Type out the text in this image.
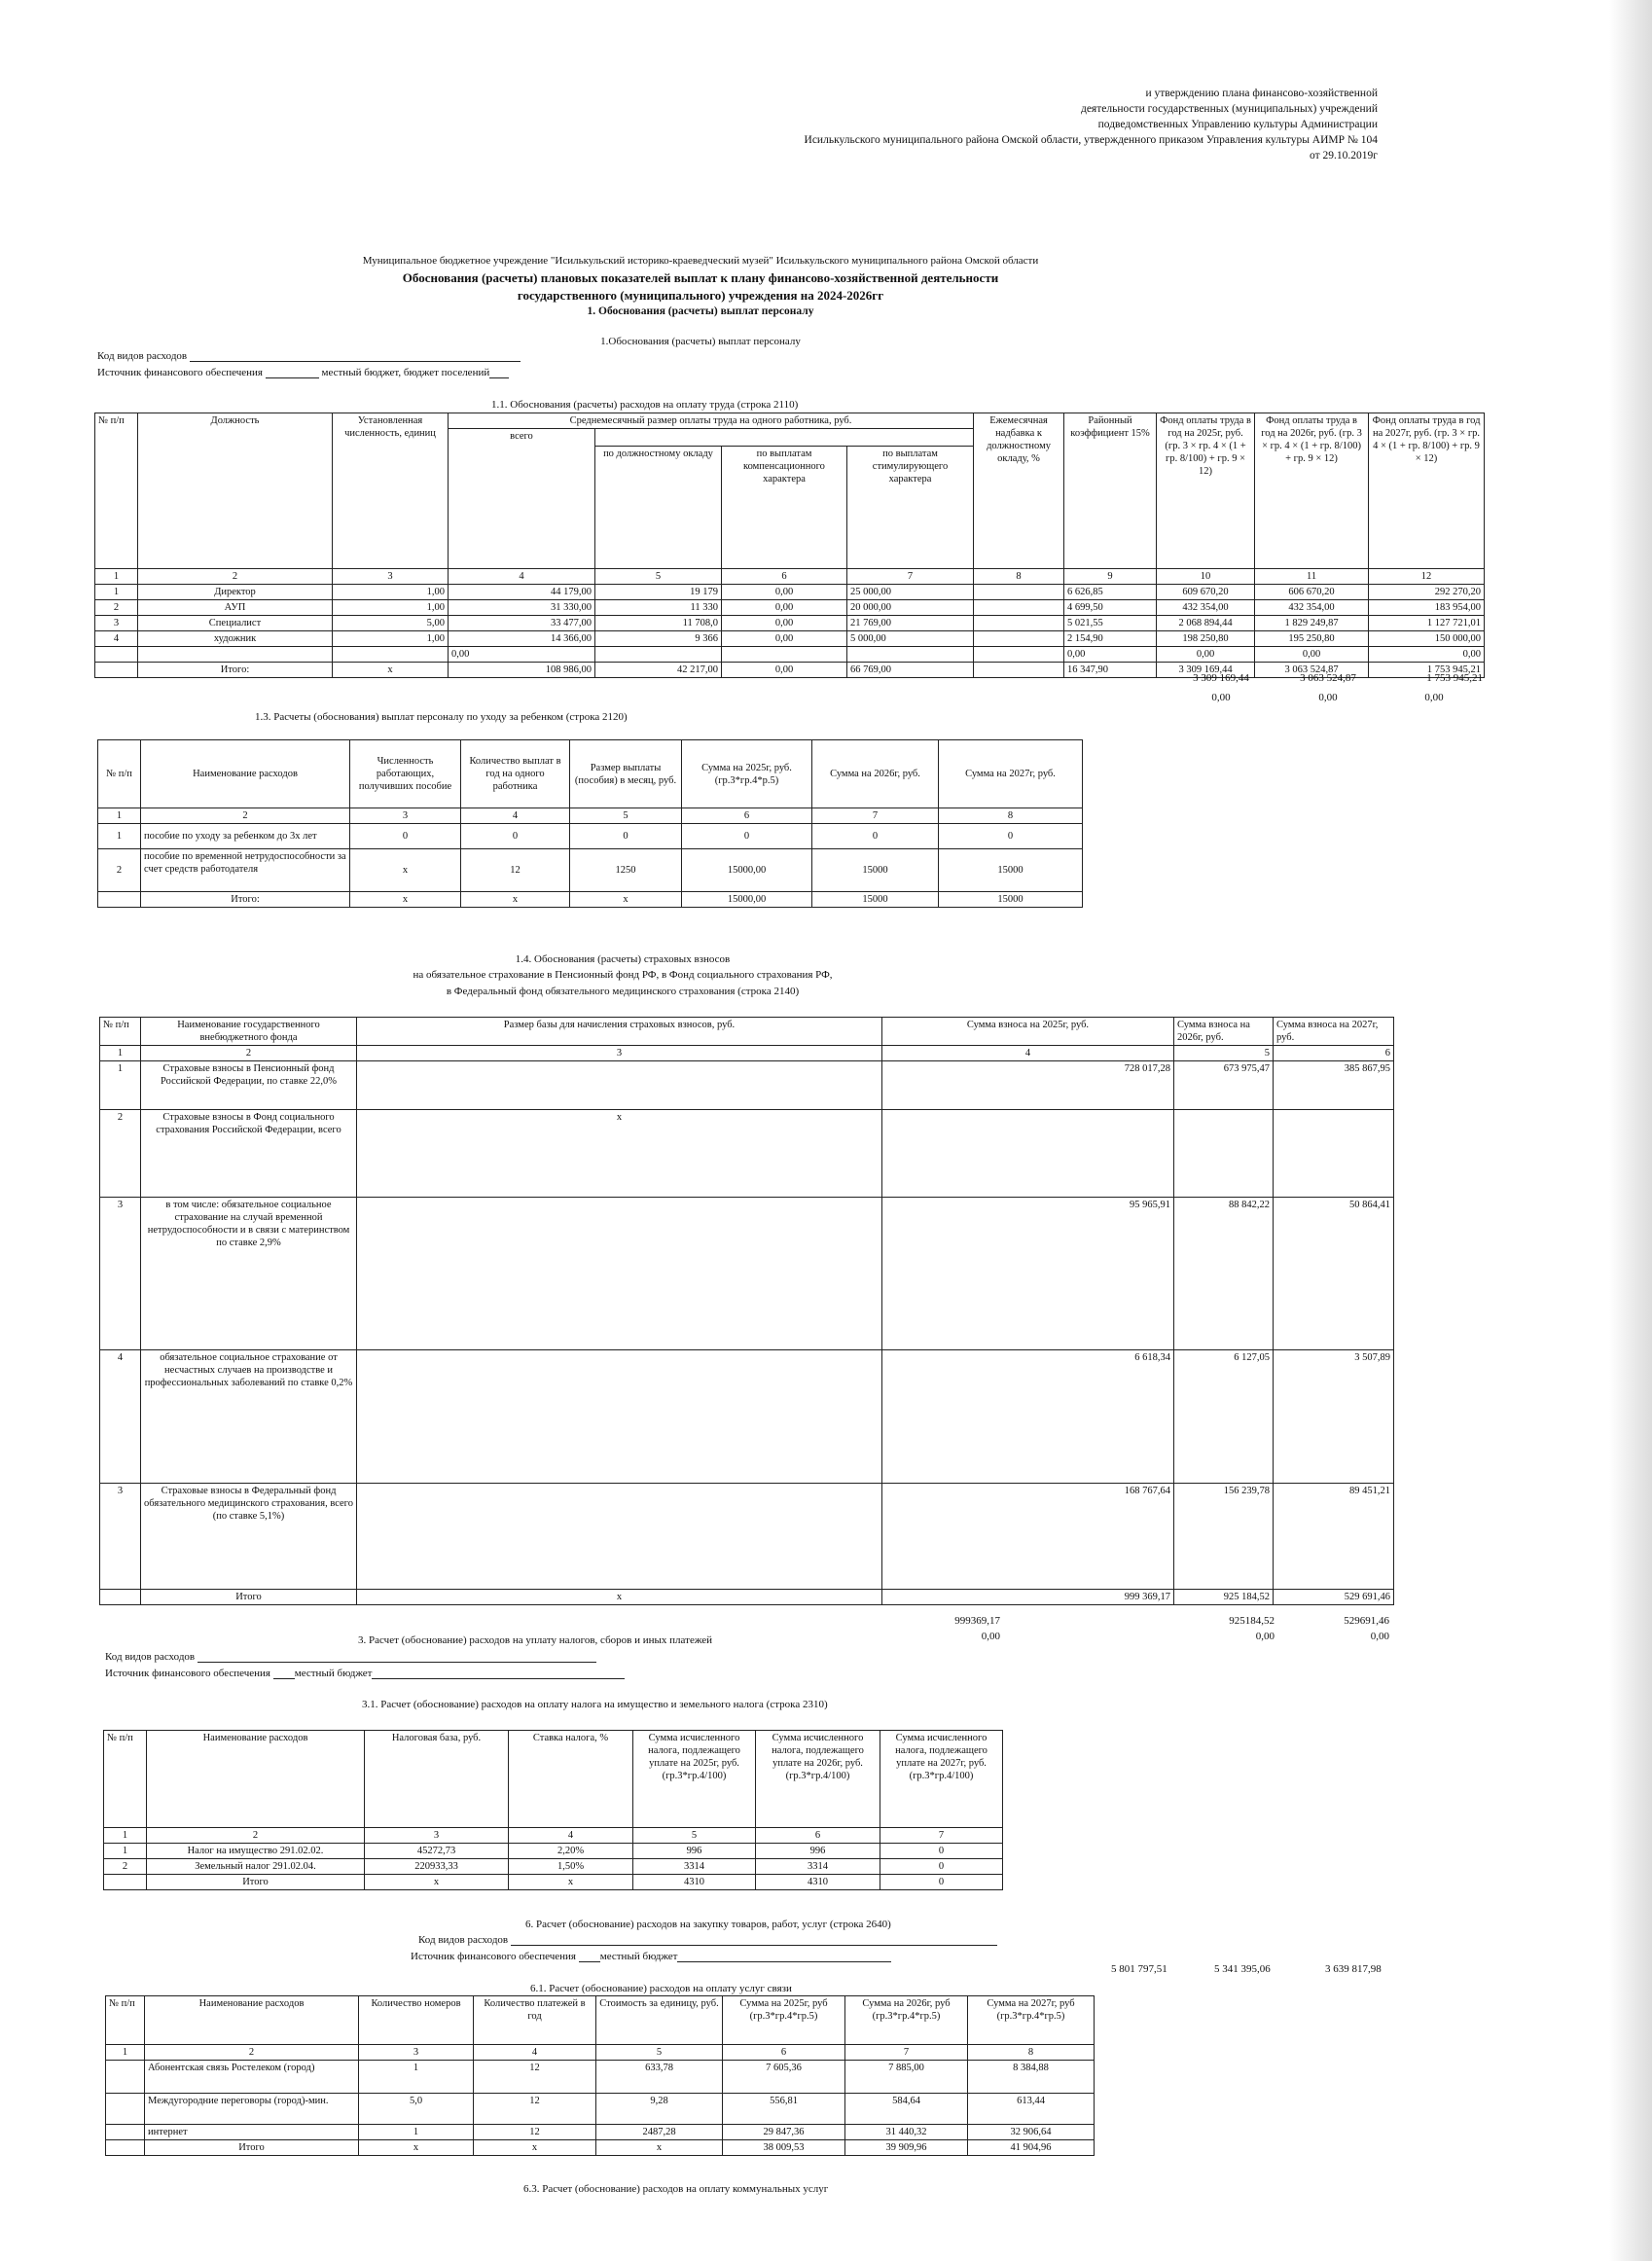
и утверждению плана финансово-хозяйственной
деятельности государственных (муниципальных) учреждений
подведомственных Управлению культуры Администрации
Исилькульского муниципального района Омской области, утвержденного приказом Управления культуры АИМР № 104
от 29.10.2019г
Муниципальное бюджетное учреждение "Исилькульский историко-краеведческий музей" Исилькульского муниципального района Омской области
Обоснования (расчеты) плановых показателей выплат к плану финансово-хозяйственной деятельности
государственного (муниципального) учреждения на 2024-2026гг
1. Обоснования (расчеты) выплат персоналу
1.Обоснования (расчеты) выплат персоналу
Код видов расходов
Источник финансового обеспечения	местный бюджет, бюджет поселений
1.1. Обоснования (расчеты) расходов на оплату труда (строка 2110)
№ п/п	Должность	Установленная численность, единиц	Среднемесячный размер оплаты труда на одного работника, руб.				Ежемесячная надбавка к должностному окладу, %	Районный коэффициент 15%	Фонд оплаты труда в год на 2025г, руб. (гр. 3 × гр. 4 × (1 + гр. 8/100) + гр. 9 × 12)	Фонд оплаты труда в год на 2026г, руб. (гр. 3 × гр. 4 × (1 + гр. 8/100) + гр. 9 × 12)	Фонд оплаты труда в год на 2027г, руб. (гр. 3 × гр. 4 × (1 + гр. 8/100) + гр. 9 × 12)
			всего								
				по должностному окладу	по выплатам компенсационного характера	по выплатам стимулирующего характера					
1	2	3	4	5	6	7	8	9	10	11	12
1	Директор	1,00	44 179,00	19 179	0,00	25 000,00		6 626,85	609 670,20	606 670,20	292 270,20
2	АУП	1,00	31 330,00	11 330	0,00	20 000,00		4 699,50	432 354,00	432 354,00	183 954,00
3	Специалист	5,00	33 477,00	11 708,0	0,00	21 769,00		5 021,55	2 068 894,44	1 829 249,87	1 127 721,01
4	художник	1,00	14 366,00	9 366	0,00	5 000,00		2 154,90	198 250,80	195 250,80	150 000,00
			0,00					0,00	0,00	0,00	0,00
	Итого:	x	108 986,00	42 217,00	0,00	66 769,00		16 347,90	3 309 169,44	3 063 524,87	1 753 945,21
3 309 169,44	3 063 524,87	1 753 945,21
0,00	0,00	0,00
1.3. Расчеты (обоснования) выплат персоналу по уходу за ребенком (строка 2120)
№ п/п	Наименование расходов	Численность работающих, получивших пособие	Количество выплат в год на одного работника	Размер выплаты (пособия) в месяц, руб.	Сумма на 2025г, руб. (гр.3*гр.4*р.5)	Сумма на 2026г, руб.	Сумма на 2027г, руб.
1	2	3	4	5	6	7	8
1	пособие по уходу за ребенком до 3х лет	0	0	0	0	0	0
2	пособие по временной нетрудоспособности за счет средств работодателя	х	12	1250	15000,00	15000	15000
	Итого:	х	х	х	15000,00	15000	15000
1.4. Обоснования (расчеты) страховых взносов
на обязательное страхование в Пенсионный фонд РФ, в Фонд социального страхования РФ,
в Федеральный фонд обязательного медицинского страхования (строка 2140)
№ п/п	Наименование государственного внебюджетного фонда	Размер базы для начисления страховых взносов, руб.	Сумма взноса на 2025г, руб.	Сумма взноса на 2026г, руб.	Сумма взноса на 2027г, руб.
1	2	3	4	5	6
1	Страховые взносы в Пенсионный фонд Российской Федерации, по ставке 22,0%		728 017,28	673 975,47	385 867,95
2	Страховые взносы в Фонд социального страхования Российской Федерации, всего	x			
3	в том числе: обязательное социальное страхование на случай временной нетрудоспособности и в связи с материнством по ставке 2,9%		95 965,91	88 842,22	50 864,41
4	обязательное социальное страхование от несчастных случаев на производстве и профессиональных заболеваний по ставке 0,2%		6 618,34	6 127,05	3 507,89
3	Страховые взносы в Федеральный фонд обязательного медицинского страхования, всего (по ставке 5,1%)		168 767,64	156 239,78	89 451,21
	Итого	x	999 369,17	925 184,52	529 691,46
999369,17	925184,52	529691,46
0,00	0,00	0,00
3. Расчет (обоснование) расходов на уплату налогов, сборов и иных платежей
Код видов расходов
Источник финансового обеспечения местный бюджет
3.1. Расчет (обоснование) расходов на оплату налога на имущество и земельного налога (строка 2310)
№ п/п	Наименование расходов	Налоговая база, руб.	Ставка налога, %	Сумма исчисленного налога, подлежащего уплате на 2025г, руб. (гр.3*гр.4/100)	Сумма исчисленного налога, подлежащего уплате на 2026г, руб. (гр.3*гр.4/100)	Сумма исчисленного налога, подлежащего уплате на 2027г, руб. (гр.3*гр.4/100)
1	2	3	4	5	6	7
1	Налог на имущество 291.02.02.	45272,73	2,20%	996	996	0
2	Земельный налог 291.02.04.	220933,33	1,50%	3314	3314	0
	Итого	х	х	4310	4310	0
6. Расчет (обоснование) расходов на закупку товаров, работ, услуг (строка 2640)
Код видов расходов
Источник финансового обеспечения местный бюджет
5 801 797,51	5 341 395,06	3 639 817,98
6.1. Расчет (обоснование) расходов на оплату услуг связи
№ п/п	Наименование расходов	Количество номеров	Количество платежей в год	Стоимость за единицу, руб.	Сумма на 2025г, руб (гр.3*гр.4*гр.5)	Сумма на 2026г, руб (гр.3*гр.4*гр.5)	Сумма на 2027г, руб (гр.3*гр.4*гр.5)
1	2	3	4	5	6	7	8
	Абонентская связь Ростелеком (город)	1	12	633,78	7 605,36	7 885,00	8 384,88
	Междугородние переговоры (город)-мин.	5,0	12	9,28	556,81	584,64	613,44
	интернет	1	12	2487,28	29 847,36	31 440,32	32 906,64
	Итого	х	х	х	38 009,53	39 909,96	41 904,96
6.3. Расчет (обоснование) расходов на оплату коммунальных услуг
